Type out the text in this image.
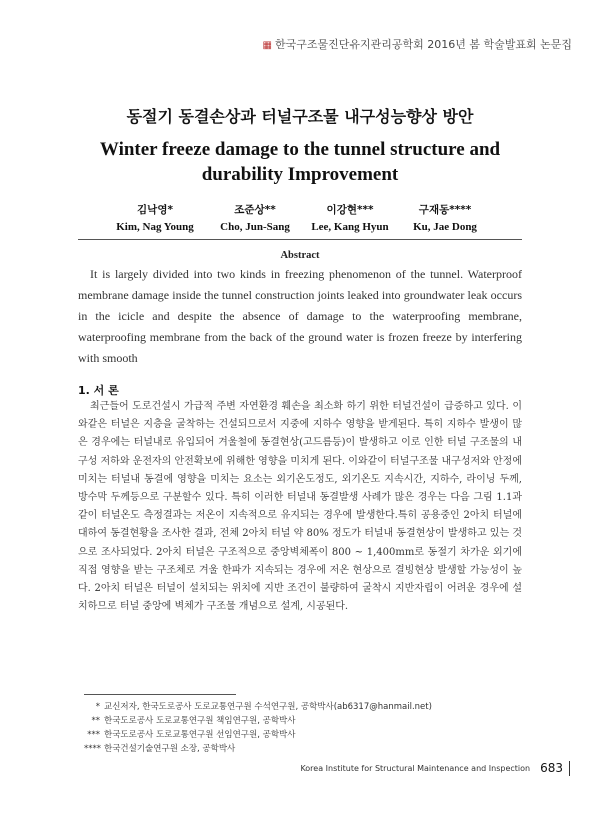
▦ 한국구조물진단유지관리공학회 2016년 봄 학술발표회 논문집
동절기 동결손상과 터널구조물 내구성능향상 방안
Winter freeze damage to the tunnel structure and durability Improvement
김낙영*
Kim, Nag Young
조준상**
Cho, Jun-Sang
이강현***
Lee, Kang Hyun
구재동****
Ku, Jae Dong
Abstract
It is largely divided into two kinds in freezing phenomenon of the tunnel. Waterproof membrane damage inside the tunnel construction joints leaked into groundwater leak occurs in the icicle and despite the absence of damage to the waterproofing membrane, waterproofing membrane from the back of the ground water is frozen freeze by interfering with smooth
1. 서 론
최근들어 도로건설시 가급적 주변 자연환경 훼손을 최소화 하기 위한 터널건설이 급증하고 있다. 이와같은 터널은 지층을 굴착하는 건설되므로서 지중에 지하수 영향을 받게된다. 특히 지하수 발생이 많은 경우에는 터널내로 유입되어 겨울철에 동결현상(고드름등)이 발생하고 이로 인한 터널 구조물의 내구성 저하와 운전자의 안전확보에 위해한 영향을 미치게 된다. 이와같이 터널구조물 내구성저와 안정에 미치는 터널내 동결에 영향을 미치는 요소는 외기온도정도, 외기온도 지속시간, 지하수, 라이닝 두께, 방수막 두께등으로 구분할수 있다. 특히 이러한 터널내 동결발생 사례가 많은 경우는 다음 그림 1.1과 같이 터널온도 측정결과는 저온이 지속적으로 유지되는 경우에 발생한다.특히 공용중인 2아치 터널에 대하여 동결현황을 조사한 결과, 전체 2아치 터널 약 80% 정도가 터널내 동결현상이 발생하고 있는 것으로 조사되었다. 2아치 터널은 구조적으로 중앙벽체폭이 800 ~ 1,400mm로 동절기 차가운 외기에 직접 영향을 받는 구조체로 겨울 한파가 지속되는 경우에 저온 현상으로 결빙현상 발생할 가능성이 높다. 2아치 터널은 터널이 설치되는 위치에 지반 조건이 불량하여 굴착시 지반자립이 어려운 경우에 설치하므로 터널 중앙에 벽체가 구조물 개념으로 설계, 시공된다.
* 교신저자, 한국도로공사 도로교통연구원 수석연구원, 공학박사(ab6317@hanmail.net)
** 한국도로공사 도로교통연구원 책임연구원, 공학박사
*** 한국도로공사 도로교통연구원 선임연구원, 공학박사
**** 한국건설기술연구원 소장, 공학박사
Korea Institute for Structural Maintenance and Inspection 683
